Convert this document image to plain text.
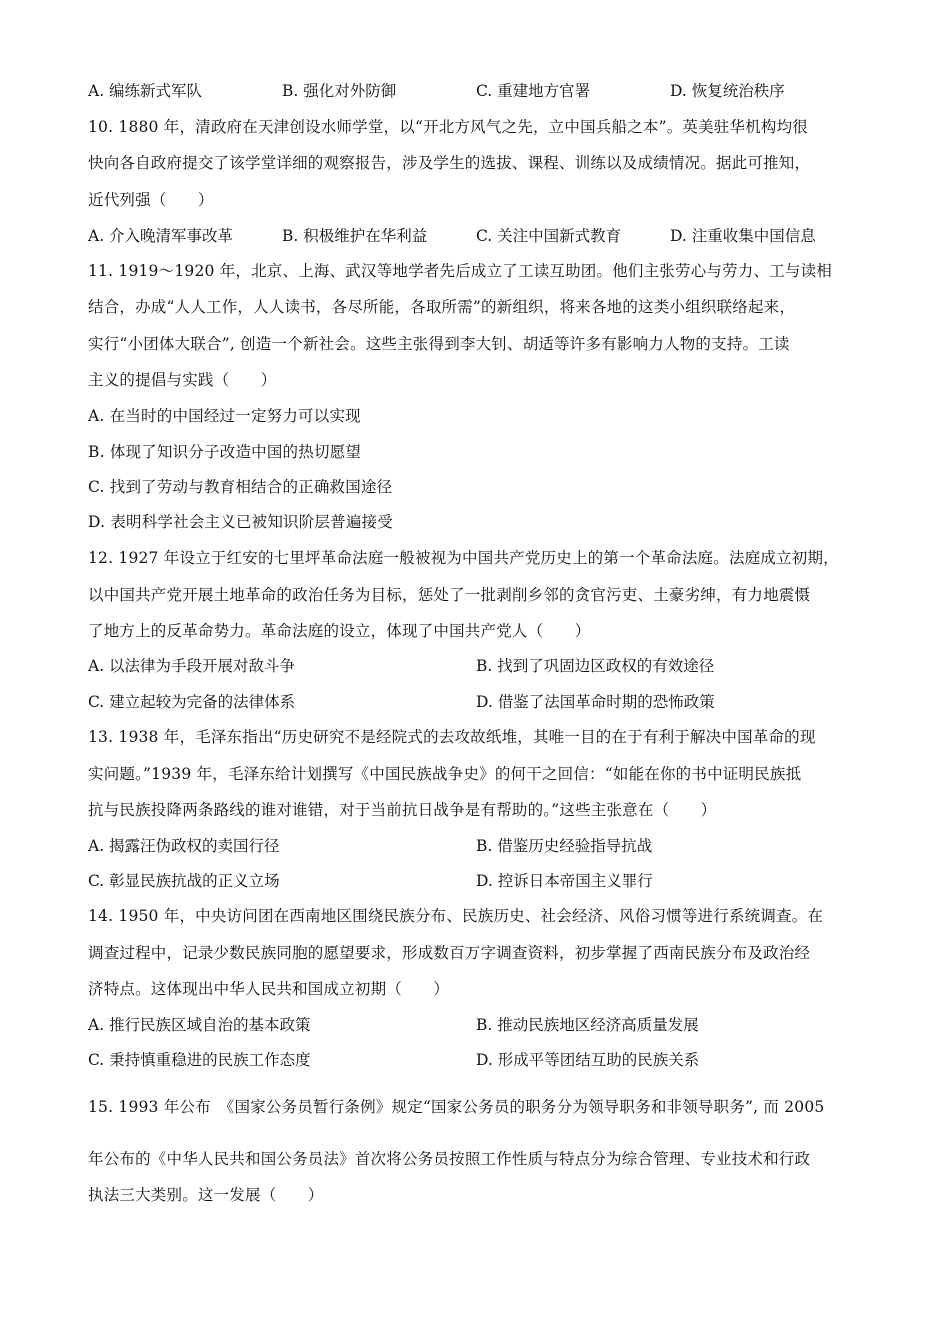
A. 编练新式军队	B. 强化对外防御	C. 重建地方官署	D. 恢复统治秩序
10. 1880 年，清政府在天津创设水师学堂，以“开北方风气之先，立中国兵船之本”。英美驻华机构均很
快向各自政府提交了该学堂详细的观察报告，涉及学生的选拔、课程、训练以及成绩情况。据此可推知，
近代列强（　　）
A. 介入晚清军事改革	B. 积极维护在华利益	C. 关注中国新式教育	D. 注重收集中国信息
11. 1919～1920 年，北京、上海、武汉等地学者先后成立了工读互助团。他们主张劳心与劳力、工与读相
结合，办成“人人工作，人人读书，各尽所能，各取所需”的新组织，将来各地的这类小组织联络起来，
实行“小团体大联合”, 创造一个新社会。这些主张得到李大钊、胡适等许多有影响力人物的支持。工读
主义的提倡与实践（　　）
A. 在当时的中国经过一定努力可以实现
B. 体现了知识分子改造中国的热切愿望
C. 找到了劳动与教育相结合的正确救国途径
D. 表明科学社会主义已被知识阶层普遍接受
12. 1927 年设立于红安的七里坪革命法庭一般被视为中国共产党历史上的第一个革命法庭。法庭成立初期，
以中国共产党开展土地革命的政治任务为目标，惩处了一批剥削乡邻的贪官污吏、土豪劣绅，有力地震慑
了地方上的反革命势力。革命法庭的设立，体现了中国共产党人（　　）
A. 以法律为手段开展对敌斗争	B. 找到了巩固边区政权的有效途径
C. 建立起较为完备的法律体系	D. 借鉴了法国革命时期的恐怖政策
13. 1938 年，毛泽东指出“历史研究不是经院式的去攻故纸堆，其唯一目的在于有利于解决中国革命的现
实问题。”1939 年，毛泽东给计划撰写《中国民族战争史》的何干之回信：“如能在你的书中证明民族抵
抗与民族投降两条路线的谁对谁错，对于当前抗日战争是有帮助的。”这些主张意在（　　）
A. 揭露汪伪政权的卖国行径	B. 借鉴历史经验指导抗战
C. 彰显民族抗战的正义立场	D. 控诉日本帝国主义罪行
14. 1950 年，中央访问团在西南地区围绕民族分布、民族历史、社会经济、风俗习惯等进行系统调查。在
调查过程中，记录少数民族同胞的愿望要求，形成数百万字调查资料，初步掌握了西南民族分布及政治经
济特点。这体现出中华人民共和国成立初期（　　）
A. 推行民族区域自治的基本政策	B. 推动民族地区经济高质量发展
C. 秉持慎重稳进的民族工作态度	D. 形成平等团结互助的民族关系
15. 1993 年公布　《国家公务员暂行条例》规定“国家公务员的职务分为领导职务和非领导职务”, 而 2005
年公布的《中华人民共和国公务员法》首次将公务员按照工作性质与特点分为综合管理、专业技术和行政
执法三大类别。这一发展（　　）
